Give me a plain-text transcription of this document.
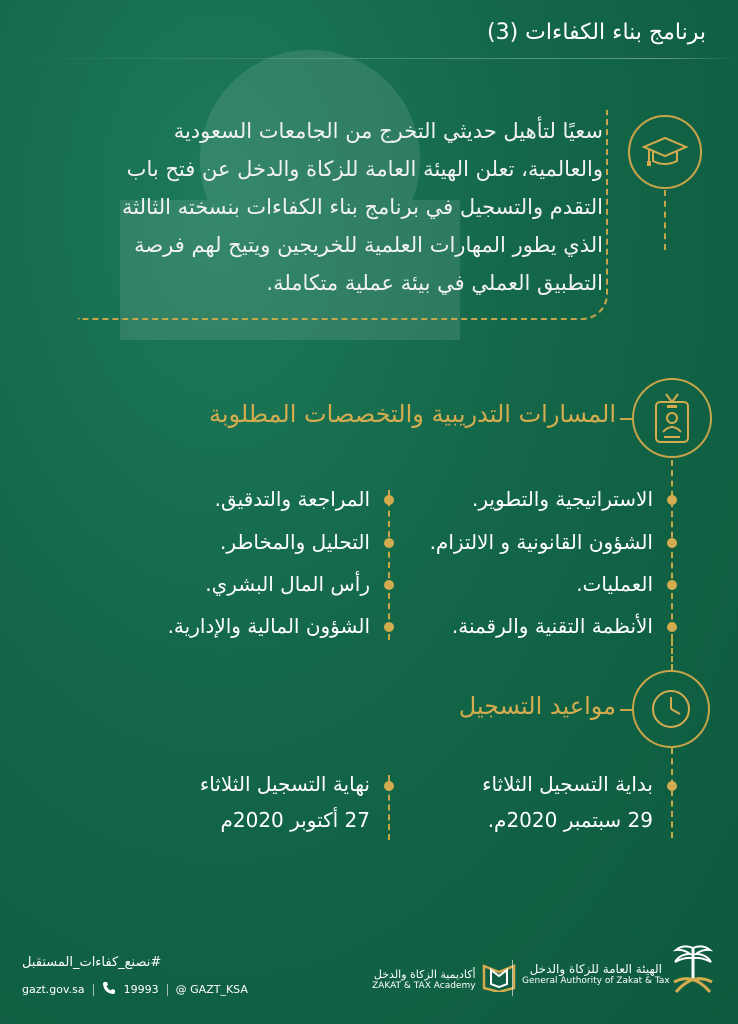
برنامج بناء الكفاءات (3)
سعيًا لتأهيل حديثي التخرج من الجامعات السعودية
والعالمية، تعلن الهيئة العامة للزكاة والدخل عن فتح باب
التقدم والتسجيل في برنامج بناء الكفاءات بنسخته الثالثة
الذي يطور المهارات العلمية للخريجين ويتيح لهم فرصة
التطبيق العملي في بيئة عملية متكاملة.
المسارات التدريبية والتخصصات المطلوبة
الاستراتيجية والتطوير.
الشؤون القانونية و الالتزام.
العمليات.
الأنظمة التقنية والرقمنة.
المراجعة والتدقيق.
التحليل والمخاطر.
رأس المال البشري.
الشؤون المالية والإدارية.
مواعيد التسجيل
بداية التسجيل الثلاثاء
29 سبتمبر 2020م.
نهاية التسجيل الثلاثاء
27 أكتوبر 2020م
#نصنع_كفاءات_المستقبل
gazt.gov.sa	19993 @ GAZT_KSA
أكاديمية الزكاة والدخل
ZAKAT & TAX Academy
الهيئة العامة للزكاة والدخل
General Authority of Zakat & Tax
